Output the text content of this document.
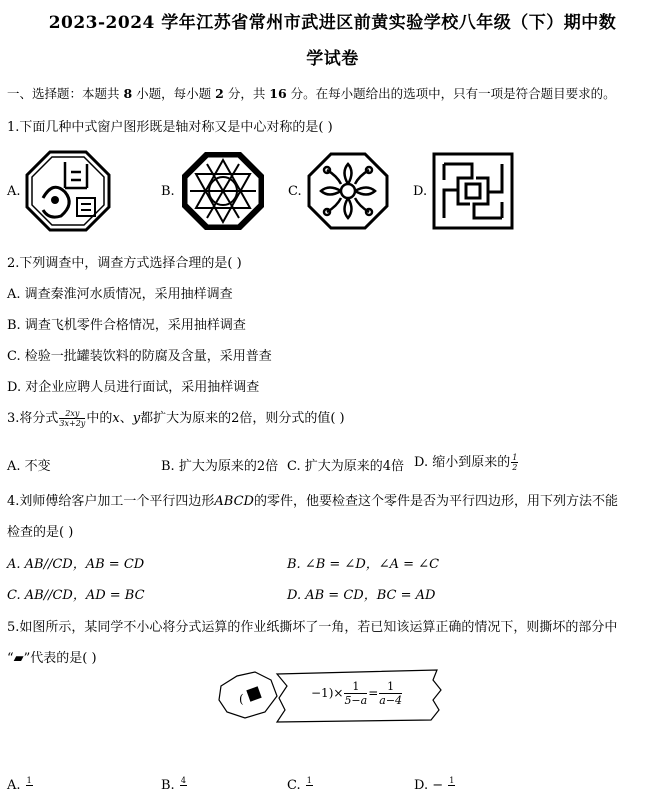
2023-2024 学年江苏省常州市武进区前黄实验学校八年级（下）期中数
学试卷
一、选择题：本题共 8 小题，每小题 2 分，共 16 分。在每小题给出的选项中，只有一项是符合题目要求的。
1.下面几种中式窗户图形既是轴对称又是中心对称的是( )
A.	B.	C.	D.
2.下列调查中，调查方式选择合理的是( )
A. 调查秦淮河水质情况，采用抽样调查
B. 调查飞机零件合格情况，采用抽样调查
C. 检验一批罐装饮料的防腐及含量，采用普查
D. 对企业应聘人员进行面试，采用抽样调查
3.将分式 $\frac{2xy}{3x+2y}$ 中的x、y都扩大为原来的2倍，则分式的值( )
A. 不变	B. 扩大为原来的2倍 C. 扩大为原来的4倍 D. 缩小到原来的 $\frac{1}{2}$
4.刘师傅给客户加工一个平行四边形ABCD的零件，他要检查这个零件是否为平行四边形，用下列方法不能
检查的是( )
A. AB//CD，AB = CD	B. ∠B = ∠D，∠A = ∠C
C. AB//CD，AD = BC	D. AB = CD，BC = AD
5.如图所示，某同学不小心将分式运算的作业纸撕坏了一角，若已知该运算正确的情况下，则撕坏的部分中
“▰”代表的是( )
(	$-1)\times \frac{1}{5-a} = \frac{1}{a-4}$
A. 1
	B. 4
	C. 1
	D. − 1
